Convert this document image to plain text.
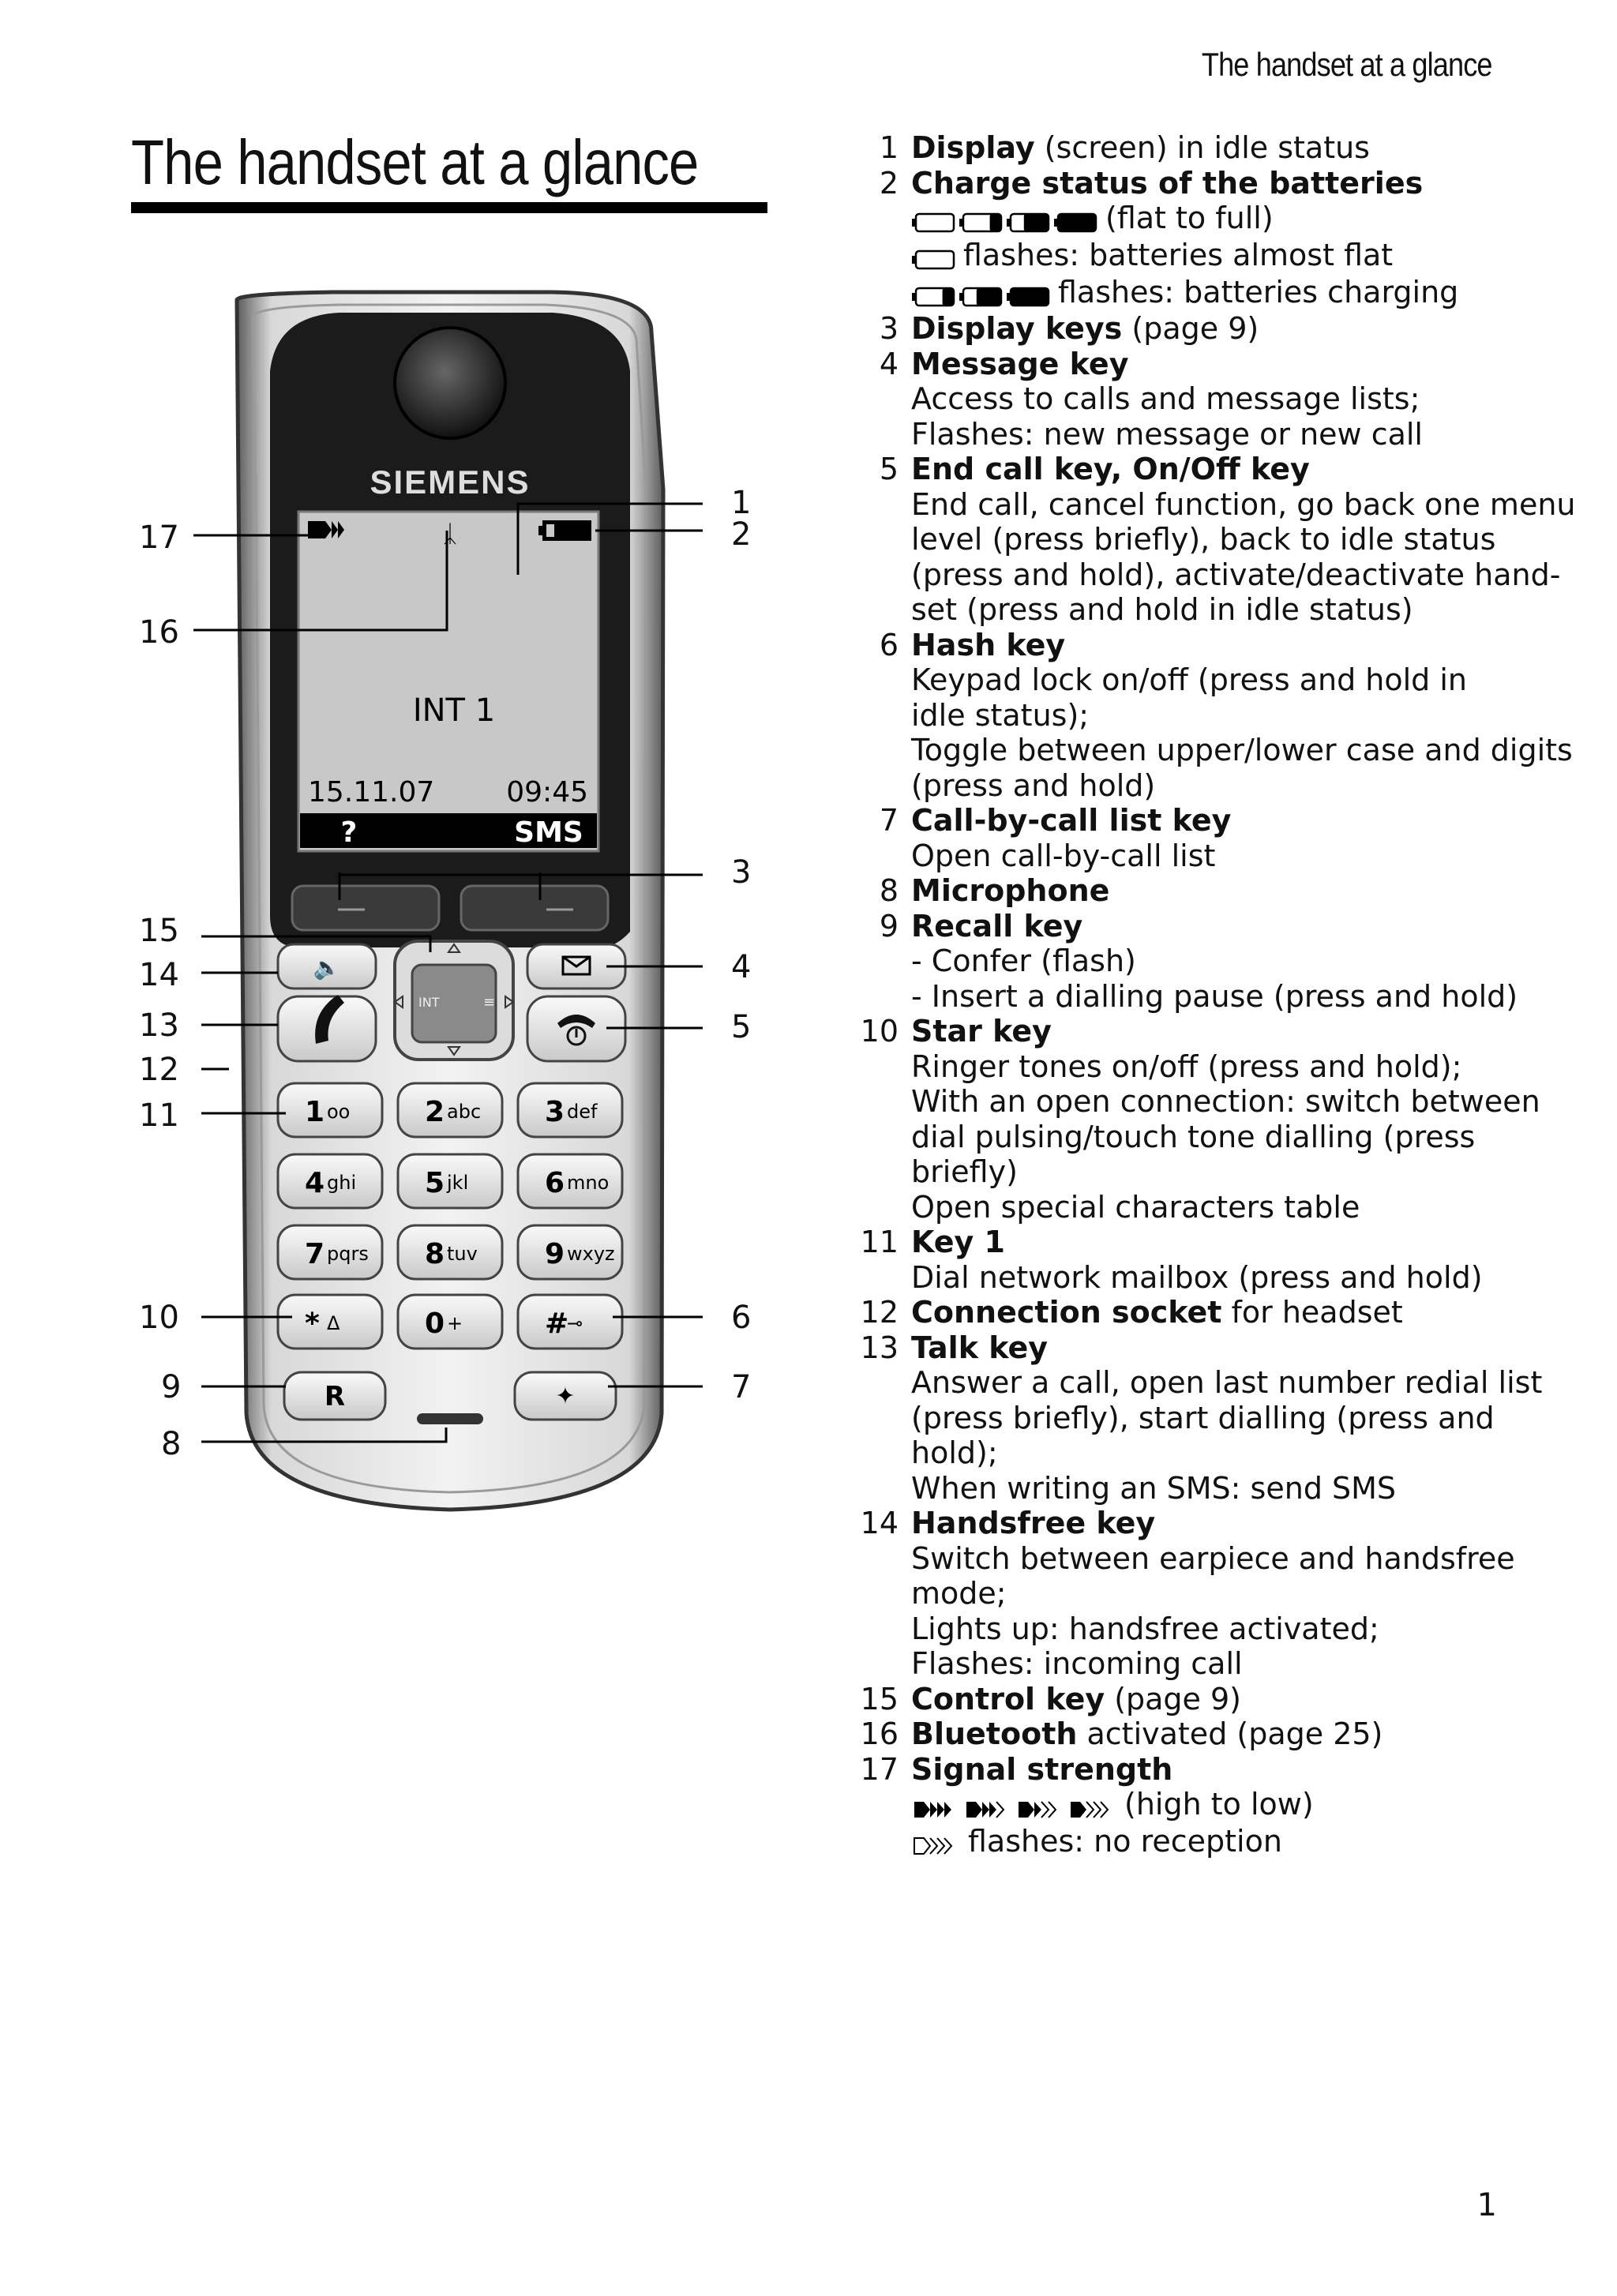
The handset at a glance
The handset at a glance
SIEMENS
ᛣ
INT 1
15.11.07	09:45
?	SMS
INT	≡
🔈
1 οο	2 abc 3 def
4 ghi 5 jkl	6 mno
7 pqrs 8 tuv 9 wxyz
* Δ	0 +	#
⊸
R	✦
17
16
15
14
13
12
11
10
9
8
1
2
3
4
5
6
7
1 Display (screen) in idle status
2 Charge status of the batteries
(flat to full)
flashes: batteries almost flat
flashes: batteries charging
3 Display keys (page 9)
4 Message key
Access to calls and message lists;
Flashes: new message or new call
5 End call key, On/Off key
End call, cancel function, go back one menu
level (press briefly), back to idle status
(press and hold), activate/deactivate hand-
set (press and hold in idle status)
6 Hash key
Keypad lock on/off (press and hold in
idle status);
Toggle between upper/lower case and digits
(press and hold)
7 Call-by-call list key
Open call-by-call list
8 Microphone
9 Recall key
- Confer (flash)
- Insert a dialling pause (press and hold)
10 Star key
Ringer tones on/off (press and hold);
With an open connection: switch between
dial pulsing/touch tone dialling (press
briefly)
Open special characters table
11 Key 1
Dial network mailbox (press and hold)
12 Connection socket for headset
13 Talk key
Answer a call, open last number redial list
(press briefly), start dialling (press and
hold);
When writing an SMS: send SMS
14 Handsfree key
Switch between earpiece and handsfree
mode;
Lights up: handsfree activated;
Flashes: incoming call
15 Control key (page 9)
16 Bluetooth activated (page 25)
17 Signal strength
(high to low)
flashes: no reception
1
